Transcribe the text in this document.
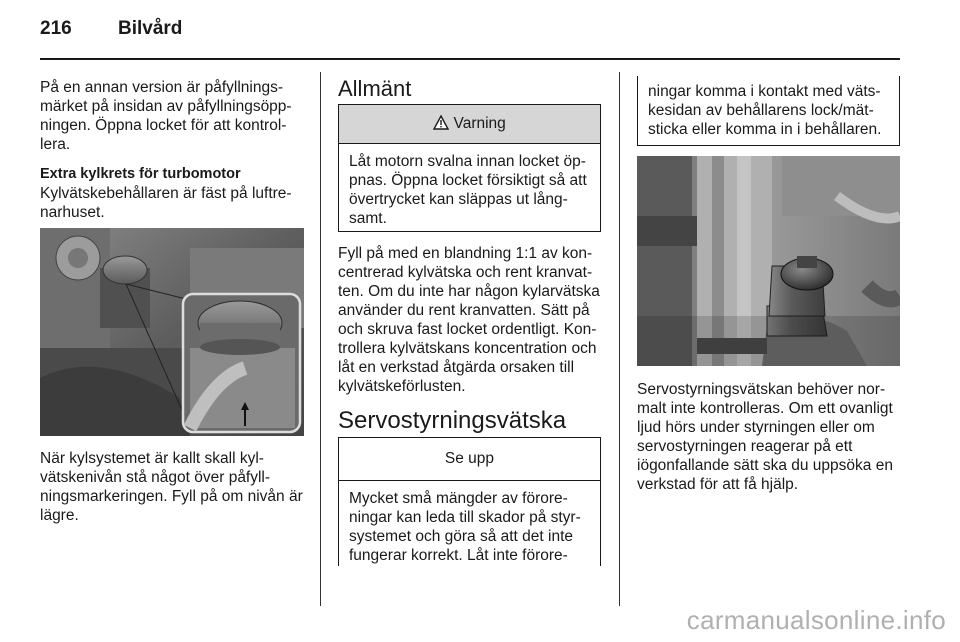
216 Bilvård

På en annan version är påfyllnings-märket på insidan av påfyllningsöpp-ningen. Öppna locket för att kontrol-lera.

Extra kylkrets för turbomotor

Kylvätskebehållaren är fäst på luftre-narhuset.

När kylsystemet är kallt skall kyl-vätskenivån stå något över påfyll-ningsmarkeringen. Fyll på om nivån är lägre.

Allmänt
Varning
Låt motorn svalna innan locket öp-pnas. Öppna locket försiktigt så att övertrycket kan släppas ut lång-samt.
Fyll på med en blandning 1:1 av kon-centrerad kylvätska och rent kranvat-ten. Om du inte har någon kylarvätska använder du rent kranvatten. Sätt på och skruva fast locket ordentligt. Kon-trollera kylvätskans koncentration och låt en verkstad åtgärda orsaken till kylvätskeförlusten.
Servostyrningsvätska
Se upp
Mycket små mängder av förore-ningar kan leda till skador på styr-systemet och göra så att det inte fungerar korrekt. Låt inte förore-
ningar komma i kontakt med väts-kesidan av behållarens lock/mät-sticka eller komma in i behållaren.
Servostyrningsvätskan behöver nor-malt inte kontrolleras. Om ett ovanligt ljud hörs under styrningen eller om servostyrningen reagerar på ett iögonfallande sätt ska du uppsöka en verkstad för att få hjälp.
carmanualsonline.info
